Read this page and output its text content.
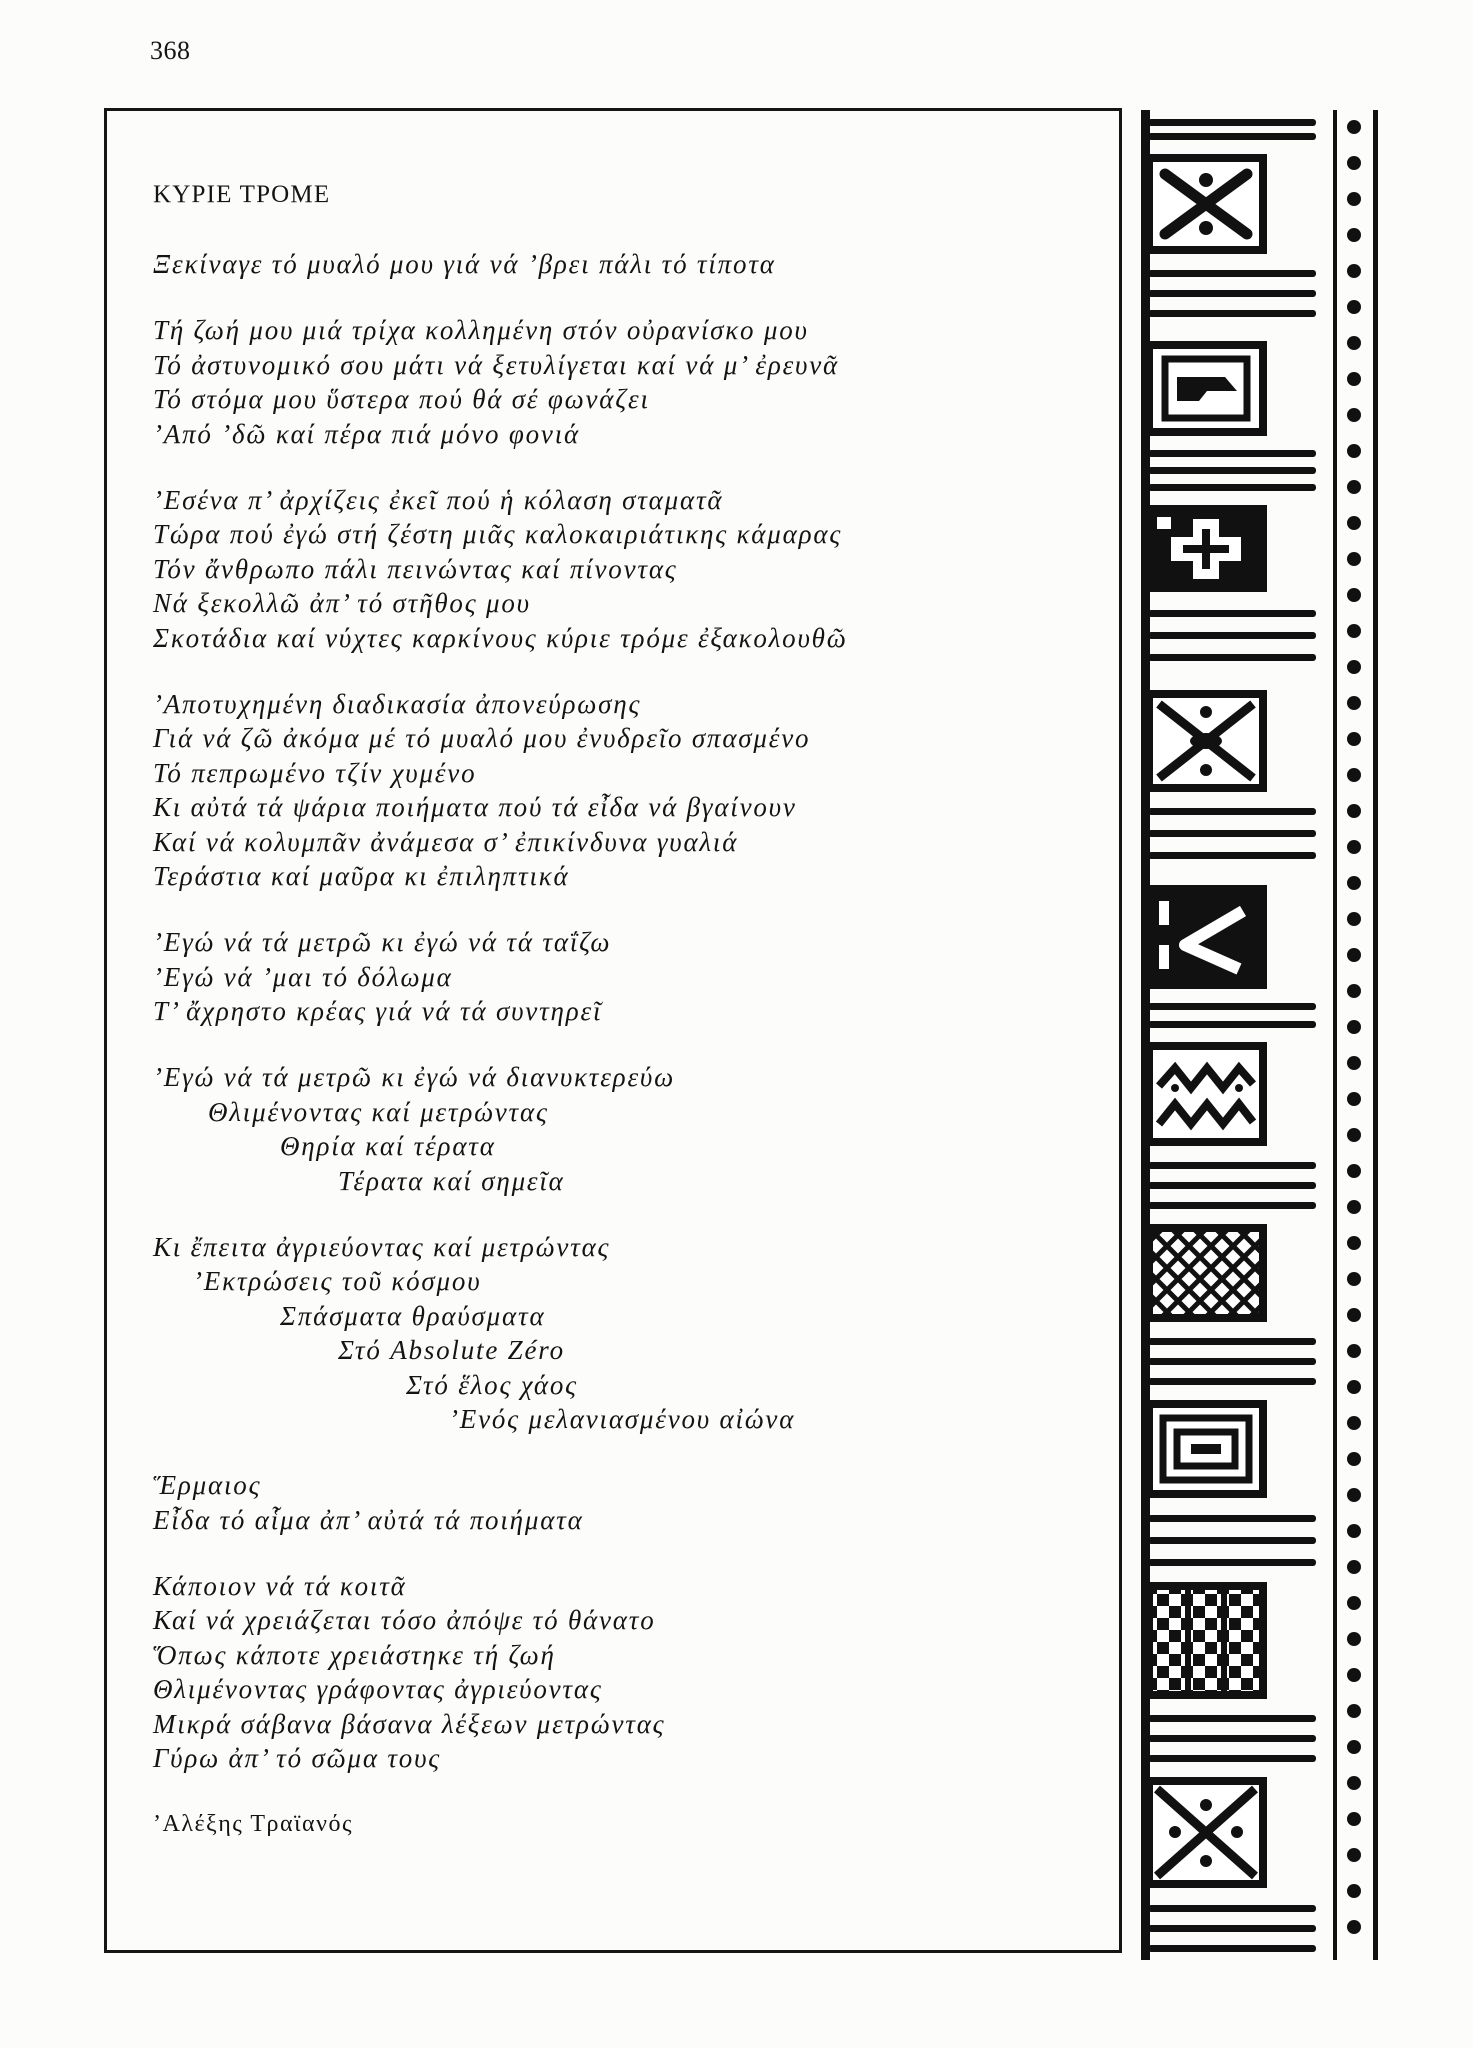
368
ΚΥΡΙΕ ΤΡΟΜΕ
Ξεκίναγε τό μυαλό μου γιά νά ’βρει πάλι τό τίποτα
Τή ζωή μου μιά τρίχα κολλημένη στόν οὐρανίσκο μου
Τό ἀστυνομικό σου μάτι νά ξετυλίγεται καί νά μ’ ἐρευνᾶ
Τό στόμα μου ὕστερα πού θά σέ φωνάζει
’Από ’δῶ καί πέρα πιά μόνο φονιά
’Εσένα π’ ἀρχίζεις ἐκεῖ πού ἡ κόλαση σταματᾶ
Τώρα πού ἐγώ στή ζέστη μιᾶς καλοκαιριάτικης κάμαρας
Τόν ἄνθρωπο πάλι πεινώντας καί πίνοντας
Νά ξεκολλῶ ἀπ’ τό στῆθος μου
Σκοτάδια καί νύχτες καρκίνους κύριε τρόμε ἐξακολουθῶ
’Αποτυχημένη διαδικασία ἀπονεύρωσης
Γιά νά ζῶ ἀκόμα μέ τό μυαλό μου ἐνυδρεῖο σπασμένο
Τό πεπρωμένο τζίν χυμένο
Κι αὐτά τά ψάρια ποιήματα πού τά εἶδα νά βγαίνουν
Καί νά κολυμπᾶν ἀνάμεσα σ’ ἐπικίνδυνα γυαλιά
Τεράστια καί μαῦρα κι ἐπιληπτικά
’Εγώ νά τά μετρῶ κι ἐγώ νά τά ταΐζω
’Εγώ νά ’μαι τό δόλωμα
Τ’ ἄχρηστο κρέας γιά νά τά συντηρεῖ
’Εγώ νά τά μετρῶ κι ἐγώ νά διανυκτερεύω
Θλιμένοντας καί μετρώντας
Θηρία καί τέρατα
Τέρατα καί σημεῖα
Κι ἔπειτα ἀγριεύοντας καί μετρώντας
’Εκτρώσεις τοῦ κόσμου
Σπάσματα θραύσματα
Στό Absolute Zéro
Στό ἕλος χάος
’Ενός μελανιασμένου αἰώνα
Ἕρμαιος
Εἶδα τό αἷμα ἀπ’ αὐτά τά ποιήματα
Κάποιον νά τά κοιτᾶ
Καί νά χρειάζεται τόσο ἀπόψε τό θάνατο
Ὅπως κάποτε χρειάστηκε τή ζωή
Θλιμένοντας γράφοντας ἀγριεύοντας
Μικρά σάβανα βάσανα λέξεων μετρώντας
Γύρω ἀπ’ τό σῶμα τους
’Αλέξης Τραϊανός
